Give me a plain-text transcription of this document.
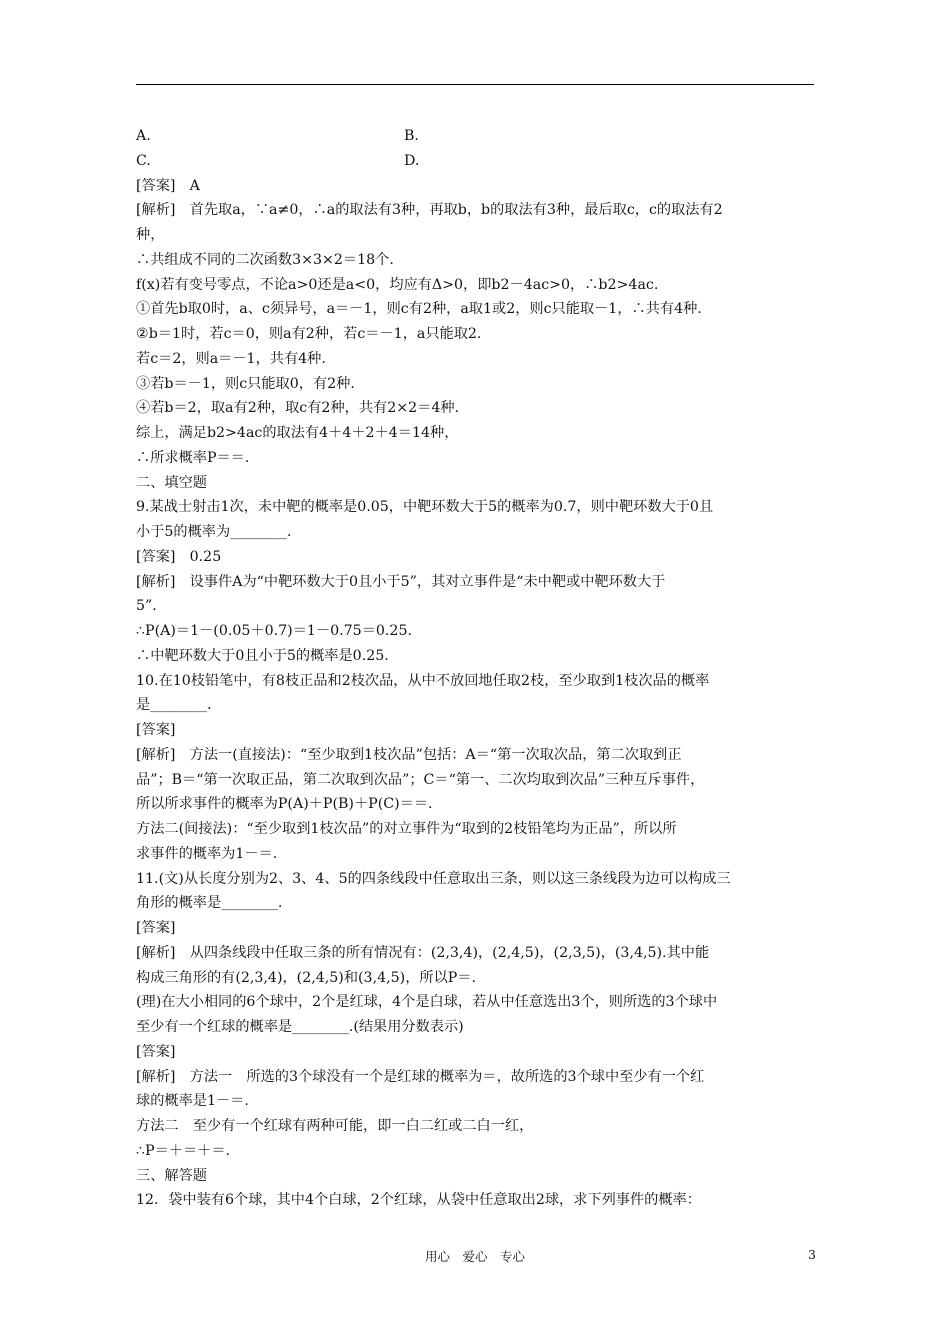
A.	B.
C.	D.
[答案]　A
[解析]　首先取a，∵a≠0，∴a的取法有3种，再取b，b的取法有3种，最后取c，c的取法有2
种，
∴共组成不同的二次函数3×3×2＝18个.
f(x)若有变号零点，不论a>0还是a<0，均应有Δ>0，即b2－4ac>0，∴b2>4ac.
①首先b取0时，a、c须异号，a＝－1，则c有2种，a取1或2，则c只能取－1，∴共有4种.
②b＝1时，若c＝0，则a有2种，若c＝－1，a只能取2.
若c＝2，则a＝－1，共有4种.
③若b＝－1，则c只能取0，有2种.
④若b＝2，取a有2种，取c有2种，共有2×2＝4种.
综上，满足b2>4ac的取法有4＋4＋2＋4＝14种，
∴所求概率P＝＝.
二、填空题
9.某战士射击1次，未中靶的概率是0.05，中靶环数大于5的概率为0.7，则中靶环数大于0且
小于5的概率为________.
[答案]　0.25
[解析]　设事件A为“中靶环数大于0且小于5”，其对立事件是“未中靶或中靶环数大于
5”.
∴P(A)＝1－(0.05＋0.7)＝1－0.75＝0.25.
∴中靶环数大于0且小于5的概率是0.25.
10.在10枝铅笔中，有8枝正品和2枝次品，从中不放回地任取2枝，至少取到1枝次品的概率
是________.
[答案]
[解析]　方法一(直接法)：“至少取到1枝次品”包括：A＝“第一次取次品，第二次取到正
品”；B＝“第一次取正品，第二次取到次品”；C＝“第一、二次均取到次品”三种互斥事件，
所以所求事件的概率为P(A)＋P(B)＋P(C)＝＝.
方法二(间接法)：“至少取到1枝次品”的对立事件为“取到的2枝铅笔均为正品”，所以所
求事件的概率为1－＝.
11.(文)从长度分别为2、3、4、5的四条线段中任意取出三条，则以这三条线段为边可以构成三
角形的概率是________.
[答案]
[解析]　从四条线段中任取三条的所有情况有：(2,3,4)，(2,4,5)，(2,3,5)，(3,4,5).其中能
构成三角形的有(2,3,4)，(2,4,5)和(3,4,5)，所以P＝.
(理)在大小相同的6个球中，2个是红球，4个是白球，若从中任意选出3个，则所选的3个球中
至少有一个红球的概率是________.(结果用分数表示)
[答案]
[解析]　方法一　所选的3个球没有一个是红球的概率为＝，故所选的3个球中至少有一个红
球的概率是1－＝.
方法二　至少有一个红球有两种可能，即一白二红或二白一红，
∴P＝＋＝＋＝.
三、解答题
12．袋中装有6个球，其中4个白球，2个红球，从袋中任意取出2球，求下列事件的概率：
用心　爱心　专心	3
